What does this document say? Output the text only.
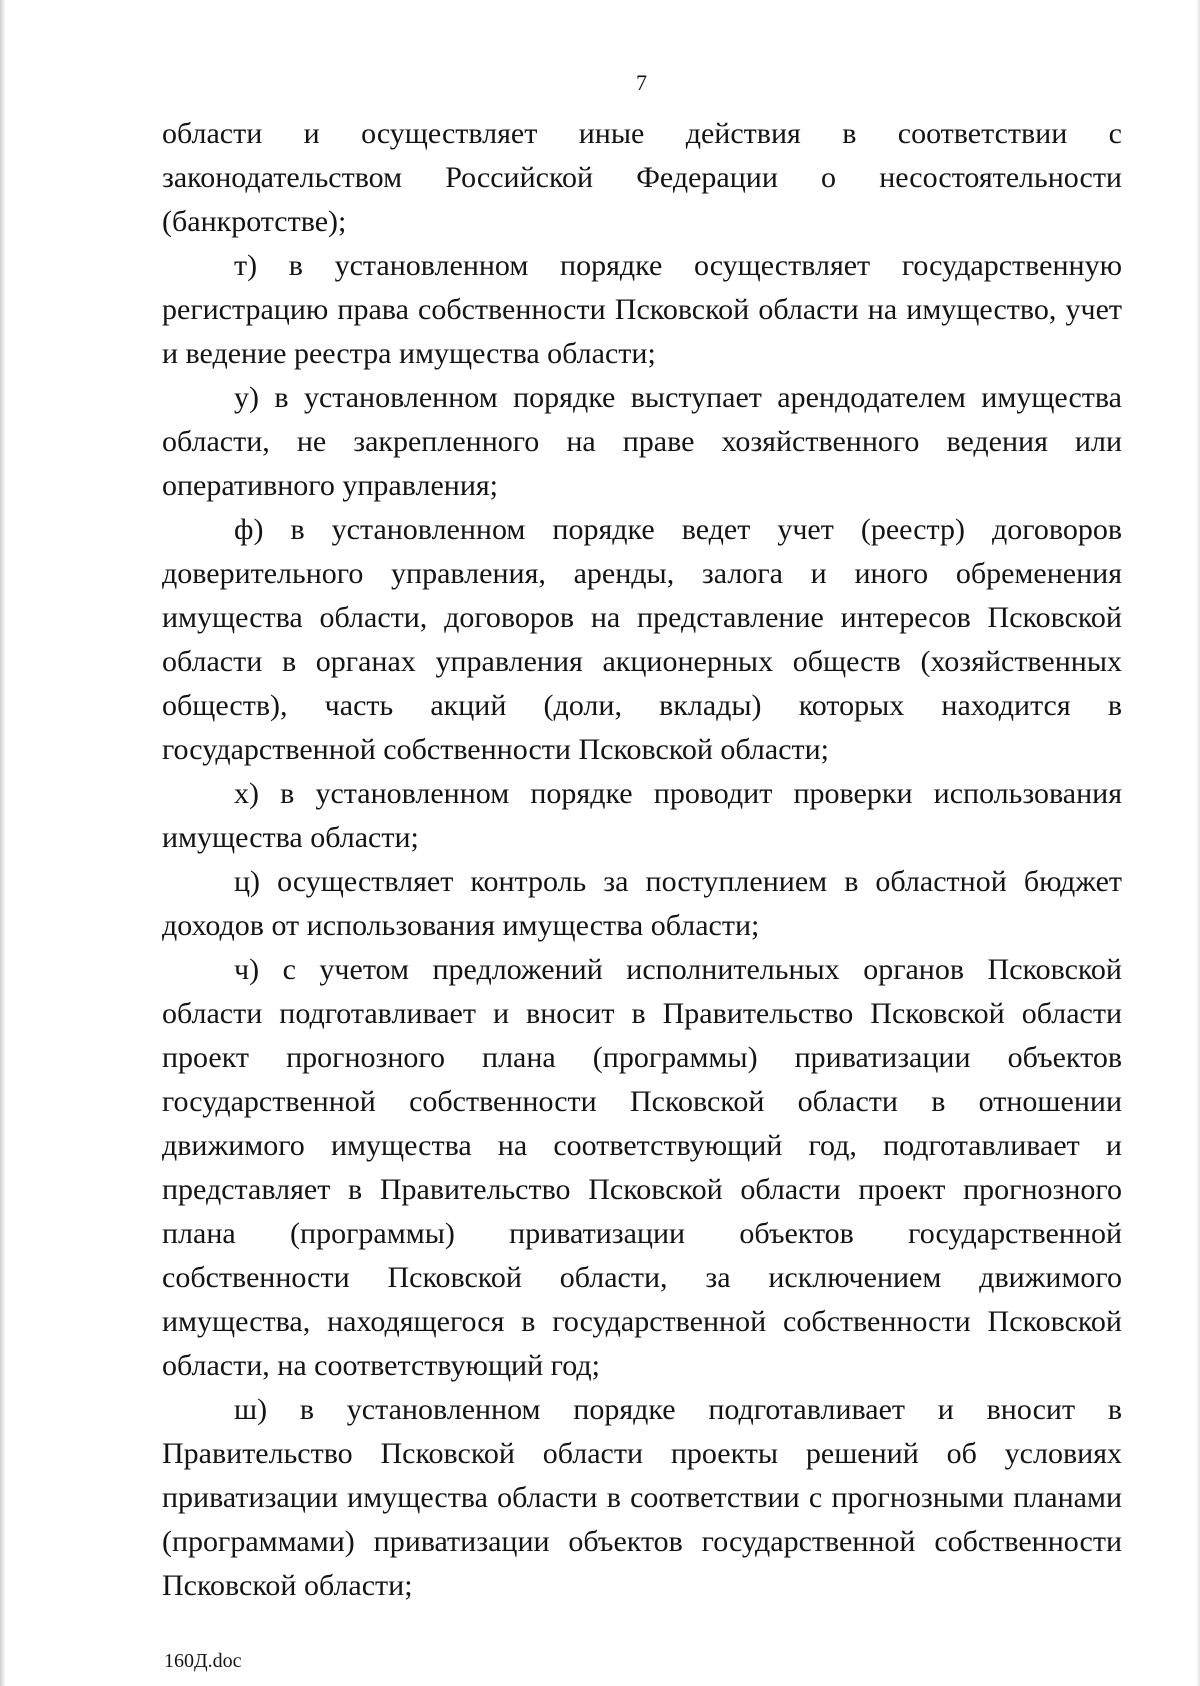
7

области и осуществляет иные действия в соответствии с законодательством Российской Федерации о несостоятельности (банкротстве);

т) в установленном порядке осуществляет государственную регистрацию права собственности Псковской области на имущество, учет и ведение реестра имущества области;

у) в установленном порядке выступает арендодателем имущества области, не закрепленного на праве хозяйственного ведения или оперативного управления;

ф) в установленном порядке ведет учет (реестр) договоров доверительного управления, аренды, залога и иного обременения имущества области, договоров на представление интересов Псковской области в органах управления акционерных обществ (хозяйственных обществ), часть акций (доли, вклады) которых находится в государственной собственности Псковской области;

х) в установленном порядке проводит проверки использования имущества области;

ц) осуществляет контроль за поступлением в областной бюджет доходов от использования имущества области;

ч) с учетом предложений исполнительных органов Псковской области подготавливает и вносит в Правительство Псковской области проект прогнозного плана (программы) приватизации объектов государственной собственности Псковской области в отношении движимого имущества на соответствующий год, подготавливает и представляет в Правительство Псковской области проект прогнозного плана (программы) приватизации объектов государственной собственности Псковской области, за исключением движимого имущества, находящегося в государственной собственности Псковской области, на соответствующий год;

ш) в установленном порядке подготавливает и вносит в Правительство Псковской области проекты решений об условиях приватизации имущества области в соответствии с прогнозными планами (программами) приватизации объектов государственной собственности Псковской области;

160Д.doc
